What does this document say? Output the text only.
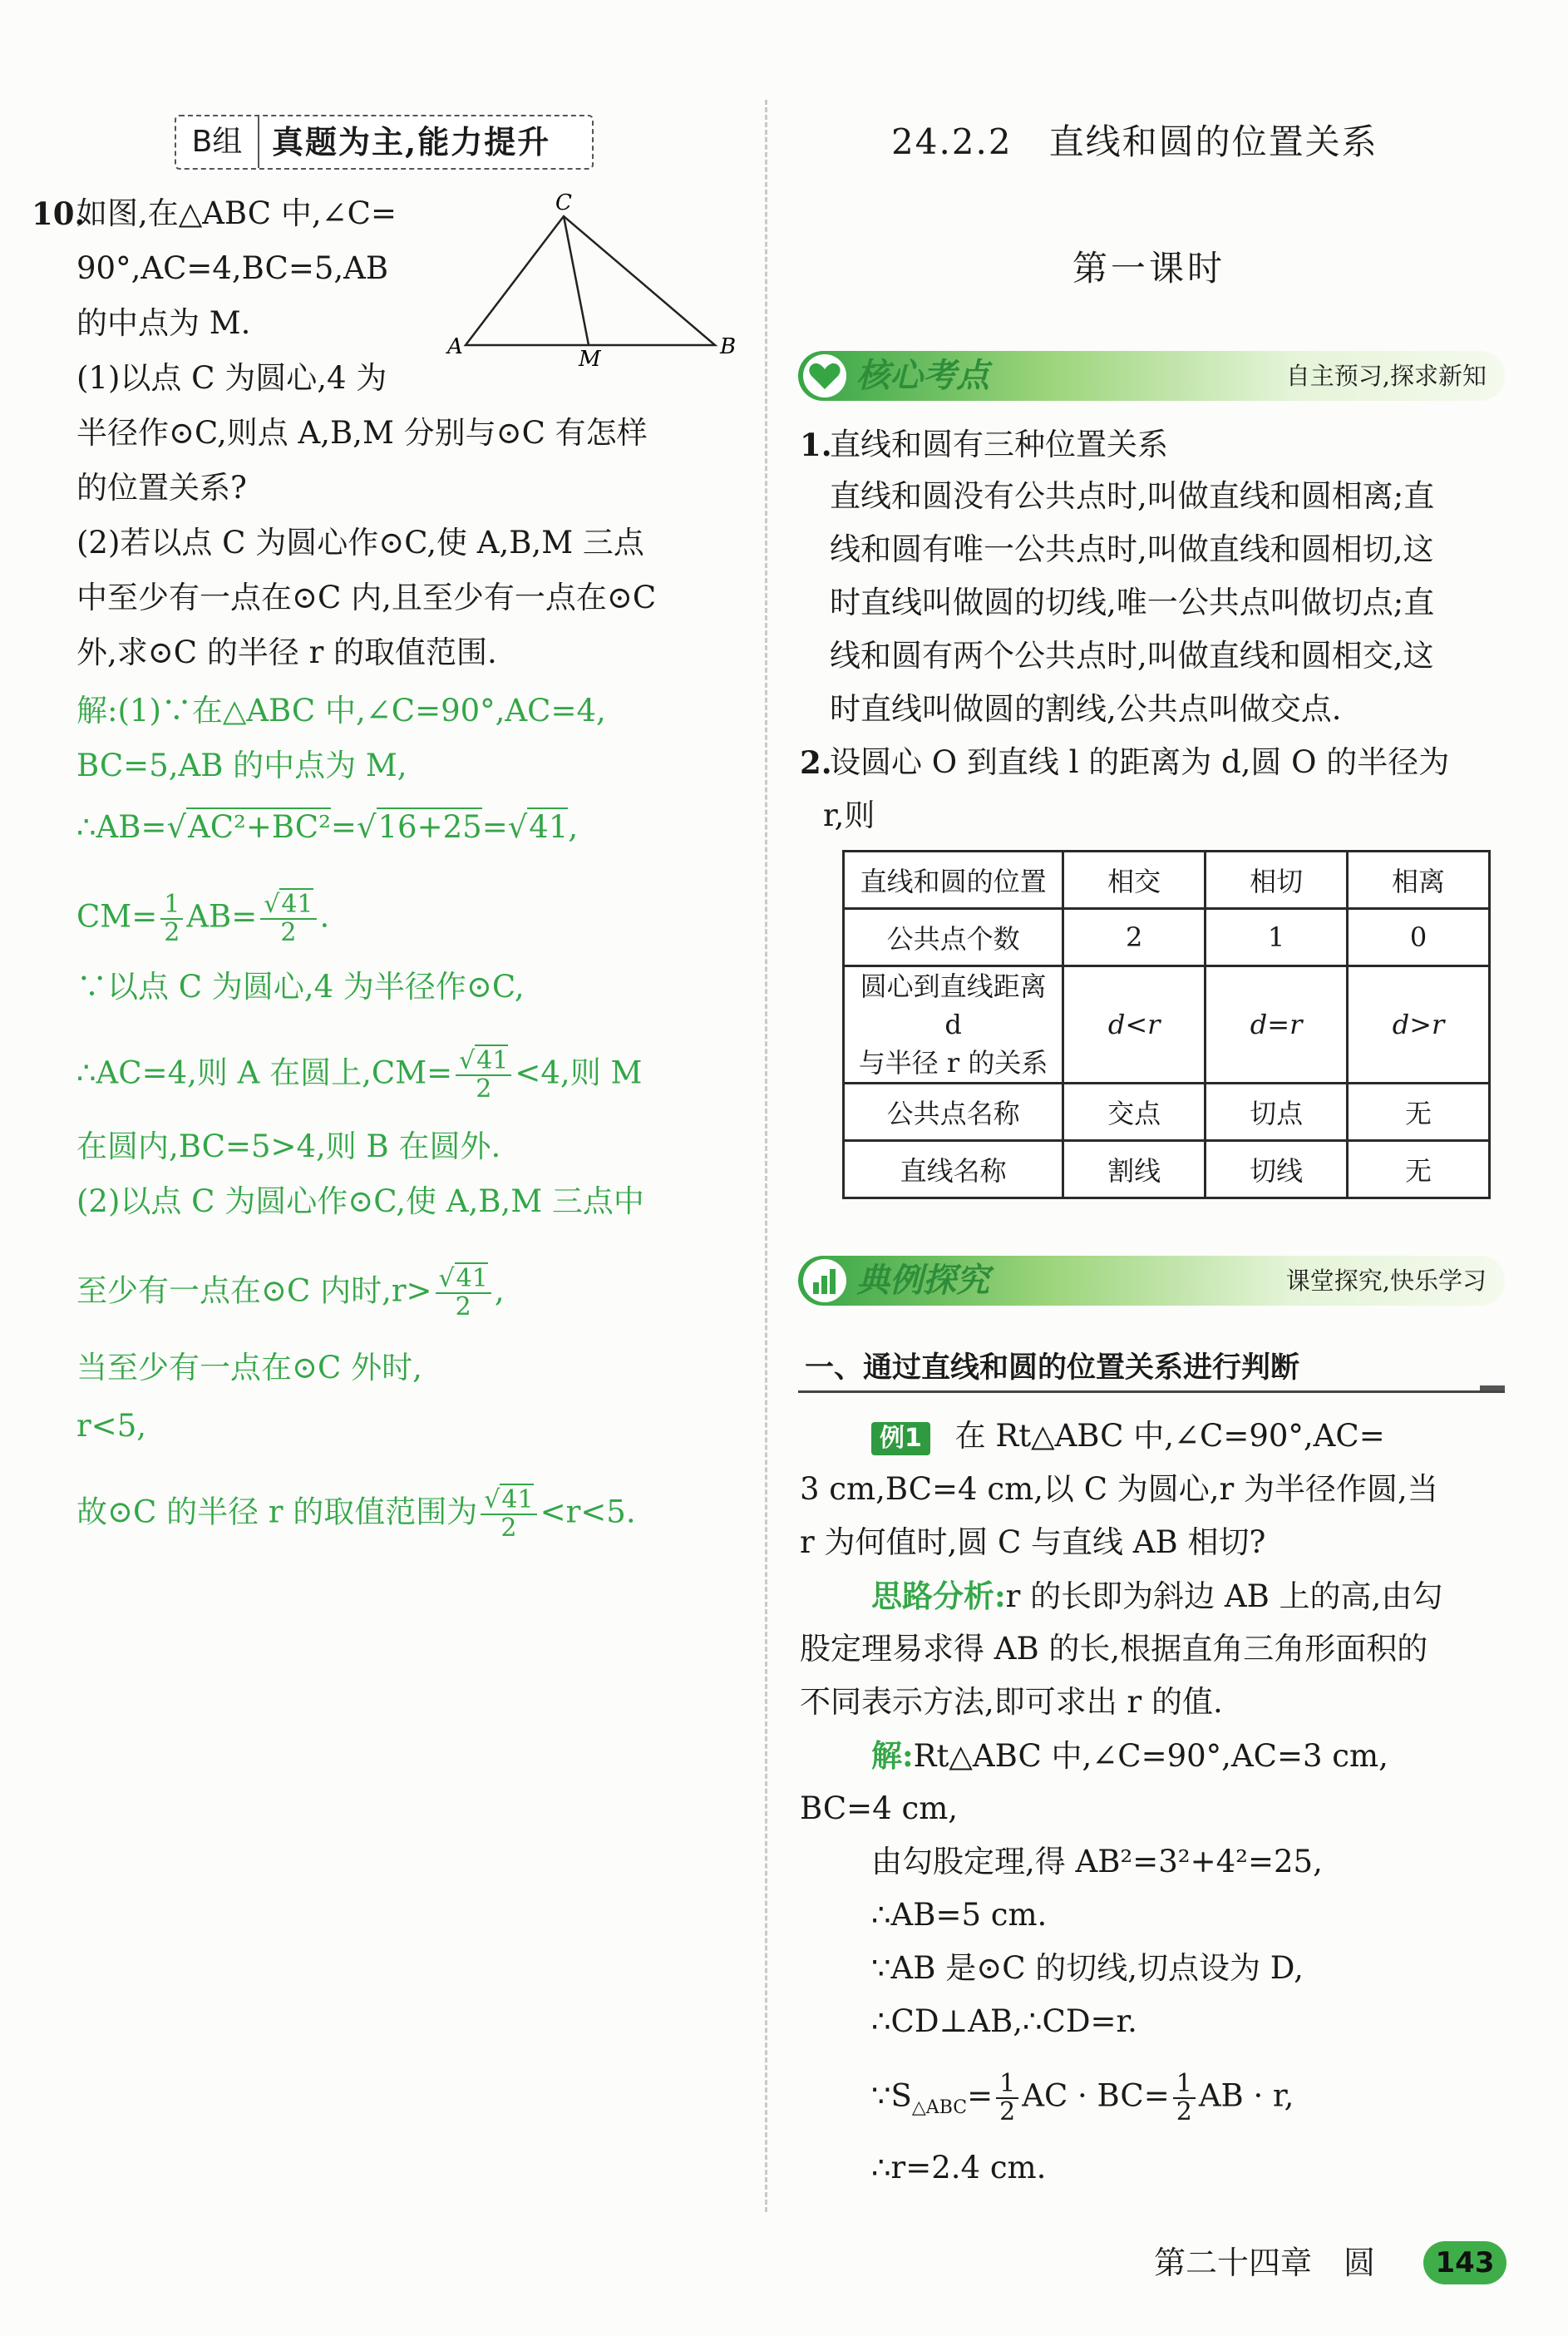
B组 真题为主,能力提升
10.
如图,在△ABC 中,∠C=
90°,AC=4,BC=5,AB
的中点为 M.
(1)以点 C 为圆心,4 为
半径作⊙C,则点 A,B,M 分别与⊙C 有怎样
的位置关系?
(2)若以点 C 为圆心作⊙C,使 A,B,M 三点
中至少有一点在⊙C 内,且至少有一点在⊙C
外,求⊙C 的半径 r 的取值范围.
C
A	B
M
解:(1)∵在△ABC 中,∠C=90°,AC=4,
BC=5,AB 的中点为 M,
∴AB=√AC²+BC²=√16+25=√41,
$CM= \frac{1}{2} AB= \frac{√41}{2}$ .
∵以点 C 为圆心,4 为半径作⊙C,
∴AC=4,则 A 在圆上$,CM= \frac{√41}{2} <4$,则 M
在圆内,BC=5>4,则 B 在圆外.
(2)以点 C 为圆心作⊙C,使 A,B,M 三点中
至少有一点在⊙C 内时$,r> \frac{√41}{2}$ ,
当至少有一点在⊙C 外时,
r<5,
故⊙C 的半径 r 的取值范围为 $\frac{√41}{2} <r<5$.
24.2.2　直线和圆的位置关系
第一课时
核心考点	自主预习,探求新知
1.
直线和圆有三种位置关系
直线和圆没有公共点时,叫做直线和圆相离;直
线和圆有唯一公共点时,叫做直线和圆相切,这
时直线叫做圆的切线,唯一公共点叫做切点;直
线和圆有两个公共点时,叫做直线和圆相交,这
时直线叫做圆的割线,公共点叫做交点.
2.
设圆心 O 到直线 l 的距离为 d,圆 O 的半径为
r,则
直线和圆的位置	相交	相切	相离
公共点个数	2	1	0

圆心到直线距离 d
与半径 r 的关系	d<r	d=r	d>r
公共点名称	交点	切点	无
直线名称	割线	切线	无
典例探究	课堂探究,快乐学习
一、通过直线和圆的位置关系进行判断
例1 在 Rt△ABC 中,∠C=90°,AC=
3 cm,BC=4 cm,以 C 为圆心,r 为半径作圆,当
r 为何值时,圆 C 与直线 AB 相切?
思路分析:r 的长即为斜边 AB 上的高,由勾
股定理易求得 AB 的长,根据直角三角形面积的
不同表示方法,即可求出 r 的值.
解:Rt△ABC 中,∠C=90°,AC=3 cm,
BC=4 cm,
由勾股定理,得 AB²=3²+4²=25,
∴AB=5 cm.
∵AB 是⊙C 的切线,切点设为 D,
∴CD⊥AB,∴CD=r.
$\because S_{\triangle ABC}= \frac{1}{2}$ AC · $BC= \frac{1}{2}$ AB · r,
∴r=2.4 cm.
第二十四章　圆	143
